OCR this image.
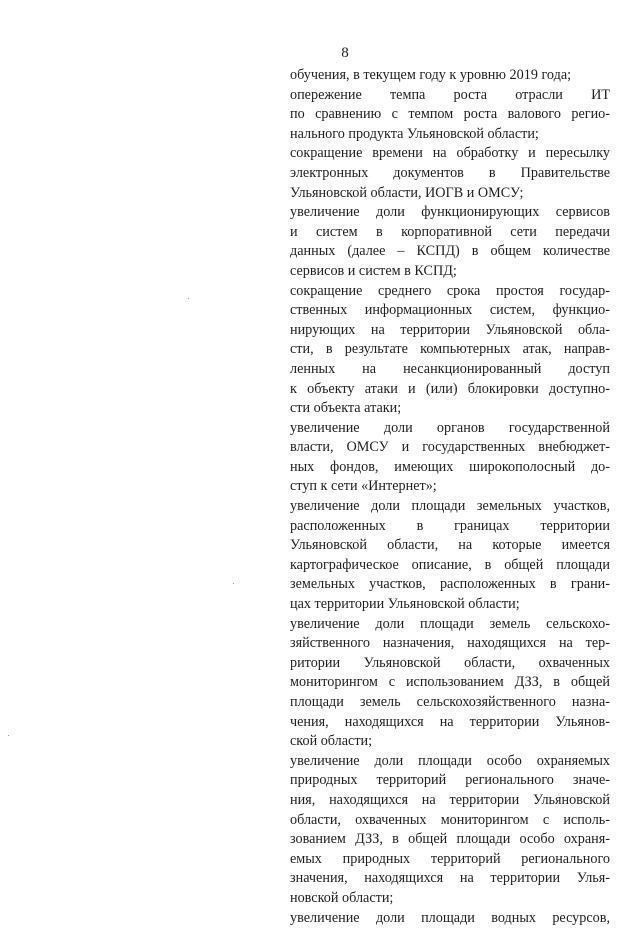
8
обучения, в текущем году к уровню 2019 года;
опережение темпа роста отрасли ИТ
по сравнению с темпом роста валового регио-
нального продукта Ульяновской области;
сокращение времени на обработку и пересылку
электронных документов в Правительстве
Ульяновской области, ИОГВ и ОМСУ;
увеличение доли функционирующих сервисов
и систем в корпоративной сети передачи
данных (далее – КСПД) в общем количестве
сервисов и систем в КСПД;
сокращение среднего срока простоя государ-
ственных информационных систем, функцио-
нирующих на территории Ульяновской обла-
сти, в результате компьютерных атак, направ-
ленных на несанкционированный доступ
к объекту атаки и (или) блокировки доступно-
сти объекта атаки;
увеличение доли органов государственной
власти, ОМСУ и государственных внебюджет-
ных фондов, имеющих широкополосный до-
ступ к сети «Интернет»;
увеличение доли площади земельных участков,
расположенных в границах территории
Ульяновской области, на которые имеется
картографическое описание, в общей площади
земельных участков, расположенных в грани-
цах территории Ульяновской области;
увеличение доли площади земель сельскохо-
зяйственного назначения, находящихся на тер-
ритории Ульяновской области, охваченных
мониторингом с использованием ДЗЗ, в общей
площади земель сельскохозяйственного назна-
чения, находящихся на территории Ульянов-
ской области;
увеличение доли площади особо охраняемых
природных территорий регионального значе-
ния, находящихся на территории Ульяновской
области, охваченных мониторингом с исполь-
зованием ДЗЗ, в общей площади особо охраня-
емых природных территорий регионального
значения, находящихся на территории Улья-
новской области;
увеличение доли площади водных ресурсов,
